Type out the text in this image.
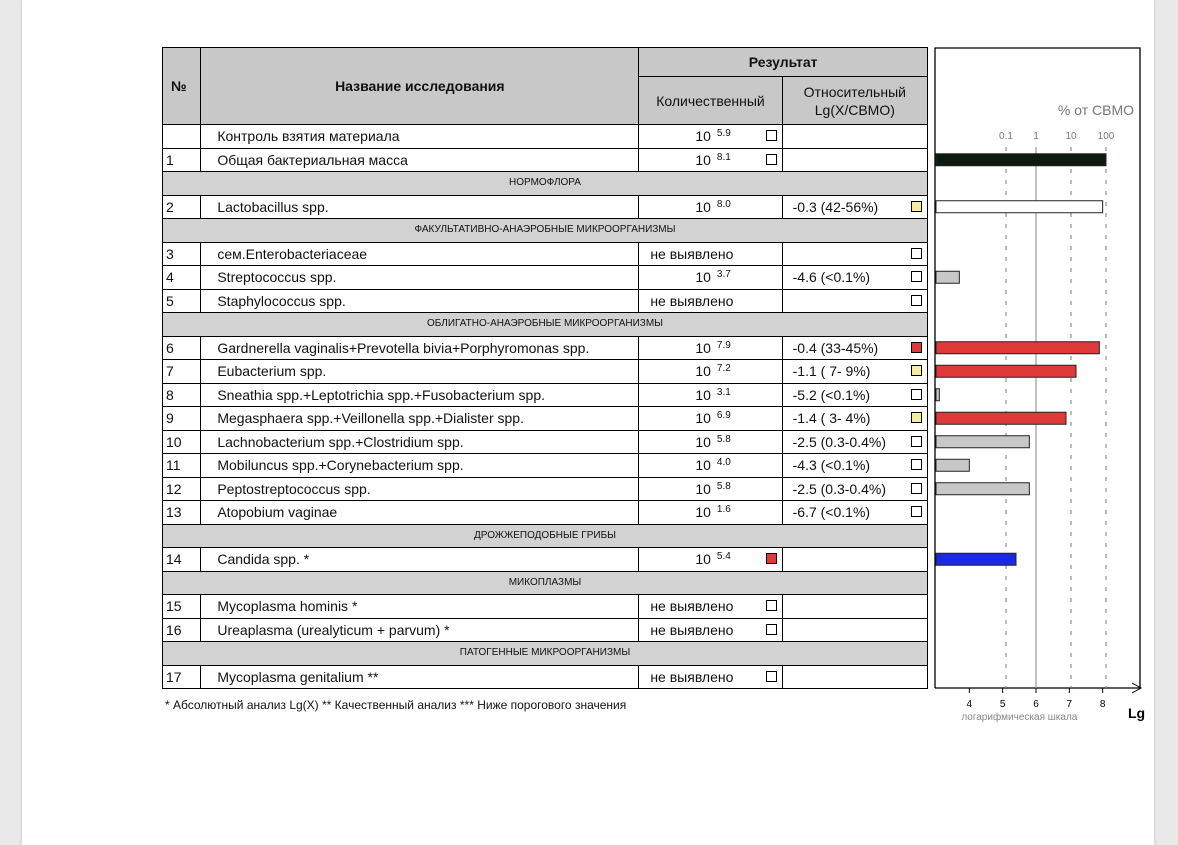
№	Название исследования	Результат	
		Количественный	Относительный
Lg(X/СВМО)
	Контроль взятия материала	10 $^{5.9}$

1	Общая бактериальная масса	10 $^{8.1}$

НОРМОФЛОРА			
2	Lactobacillus spp.	10 $^{8.0}$	-0.3 (42-56%)

ФАКУЛЬТАТИВНО-АНАЭРОБНЫЕ МИКРООРГАНИЗМЫ			
3	сем.Enterobacteriaceae	не выявлено	

4	Streptococcus spp.	10 $^{3.7}$	-4.6 (<0.1%)

5	Staphylococcus spp.	не выявлено	

ОБЛИГАТНО-АНАЭРОБНЫЕ МИКРООРГАНИЗМЫ			
6	Gardnerella vaginalis+Prevotella bivia+Porphyromonas spp.	10 $^{7.9}$	-0.4 (33-45%)

7	Eubacterium spp.	10 $^{7.2}$	-1.1 ( 7- 9%)

8	Sneathia spp.+Leptotrichia spp.+Fusobacterium spp.	10 $^{3.1}$	-5.2 (<0.1%)

9	Megasphaera spp.+Veillonella spp.+Dialister spp.	10 $^{6.9}$	-1.4 ( 3- 4%)

10	Lachnobacterium spp.+Clostridium spp.	10 $^{5.8}$	-2.5 (0.3-0.4%)

11	Mobiluncus spp.+Corynebacterium spp.	10 $^{4.0}$	-4.3 (<0.1%)

12	Peptostreptococcus spp.	10 $^{5.8}$	-2.5 (0.3-0.4%)

13	Atopobium vaginae	10 $^{1.6}$	-6.7 (<0.1%)

ДРОЖЖЕПОДОБНЫЕ ГРИБЫ			
14	Candida spp. *	10 $^{5.4}$

МИКОПЛАЗМЫ			
15	Mycoplasma hominis *	не выявлено	

16	Ureaplasma (urealyticum + parvum) *	не выявлено	

ПАТОГЕННЫЕ МИКРООРГАНИЗМЫ			
17	Mycoplasma genitalium **	не выявлено	

% от СВМО
0.1 1	10 100
4	5	6	7	8
логарифмическая шкала	Lg
* Абсолютный анализ Lg(X) ** Качественный анализ *** Ниже порогового значения
